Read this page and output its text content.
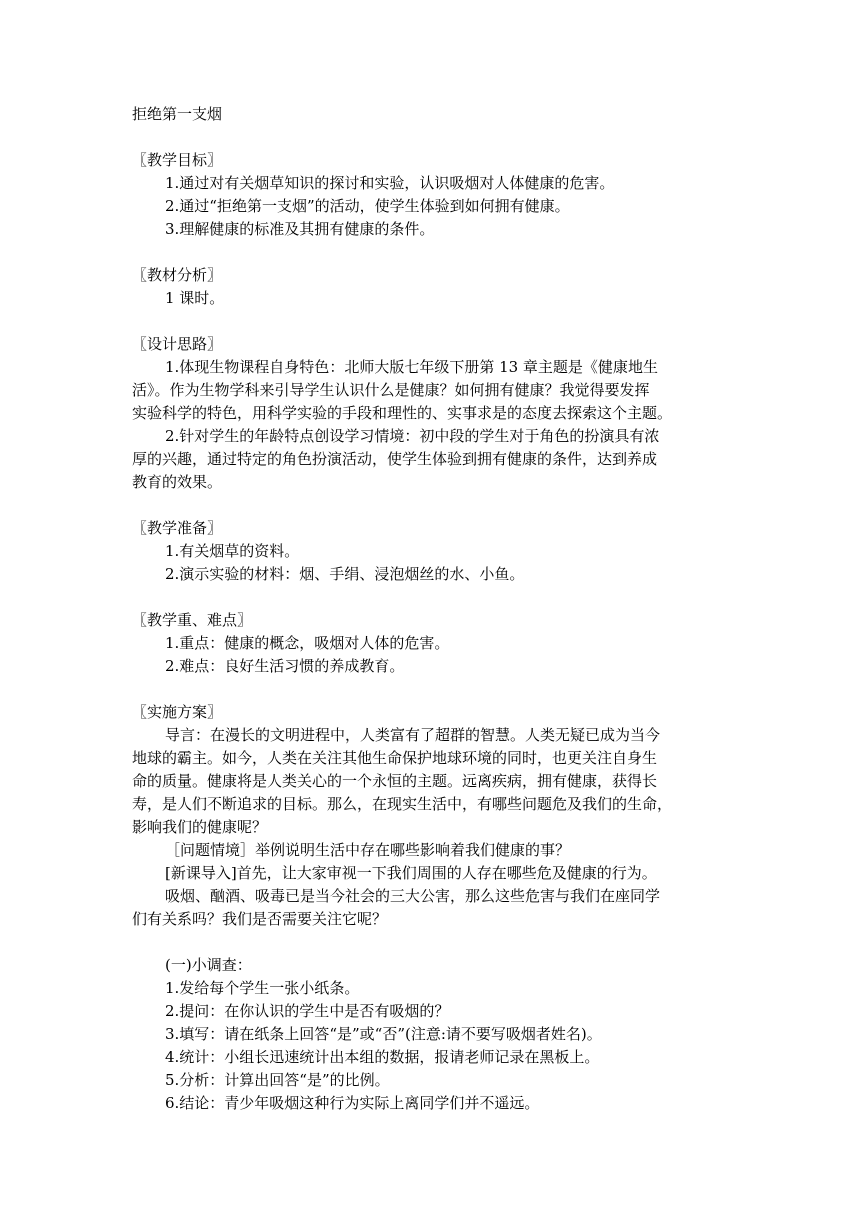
拒绝第一支烟
〖教学目标〗
1.通过对有关烟草知识的探讨和实验，认识吸烟对人体健康的危害。
2.通过“拒绝第一支烟”的活动，使学生体验到如何拥有健康。
3.理解健康的标准及其拥有健康的条件。
〖教材分析〗
1 课时。
〖设计思路〗
1.体现生物课程自身特色：北师大版七年级下册第 13 章主题是《健康地生
活》。作为生物学科来引导学生认识什么是健康？如何拥有健康？我觉得要发挥
实验科学的特色，用科学实验的手段和理性的、实事求是的态度去探索这个主题。
2.针对学生的年龄特点创设学习情境：初中段的学生对于角色的扮演具有浓
厚的兴趣，通过特定的角色扮演活动，使学生体验到拥有健康的条件，达到养成
教育的效果。
〖教学准备〗
1.有关烟草的资料。
2.演示实验的材料：烟、手绢、浸泡烟丝的水、小鱼。
〖教学重、难点〗
1.重点：健康的概念，吸烟对人体的危害。
2.难点：良好生活习惯的养成教育。
〖实施方案〗
导言：在漫长的文明进程中，人类富有了超群的智慧。人类无疑已成为当今
地球的霸主。如今，人类在关注其他生命保护地球环境的同时，也更关注自身生
命的质量。健康将是人类关心的一个永恒的主题。远离疾病，拥有健康，获得长
寿，是人们不断追求的目标。那么，在现实生活中，有哪些问题危及我们的生命，
影响我们的健康呢？
［问题情境］举例说明生活中存在哪些影响着我们健康的事？
[新课导入]首先，让大家审视一下我们周围的人存在哪些危及健康的行为。
吸烟、酗酒、吸毒已是当今社会的三大公害，那么这些危害与我们在座同学
们有关系吗？我们是否需要关注它呢？
(一)小调查：
1.发给每个学生一张小纸条。
2.提问：在你认识的学生中是否有吸烟的？
3.填写：请在纸条上回答“是”或“否”(注意:请不要写吸烟者姓名)。
4.统计：小组长迅速统计出本组的数据，报请老师记录在黑板上。
5.分析：计算出回答“是”的比例。
6.结论：青少年吸烟这种行为实际上离同学们并不遥远。
